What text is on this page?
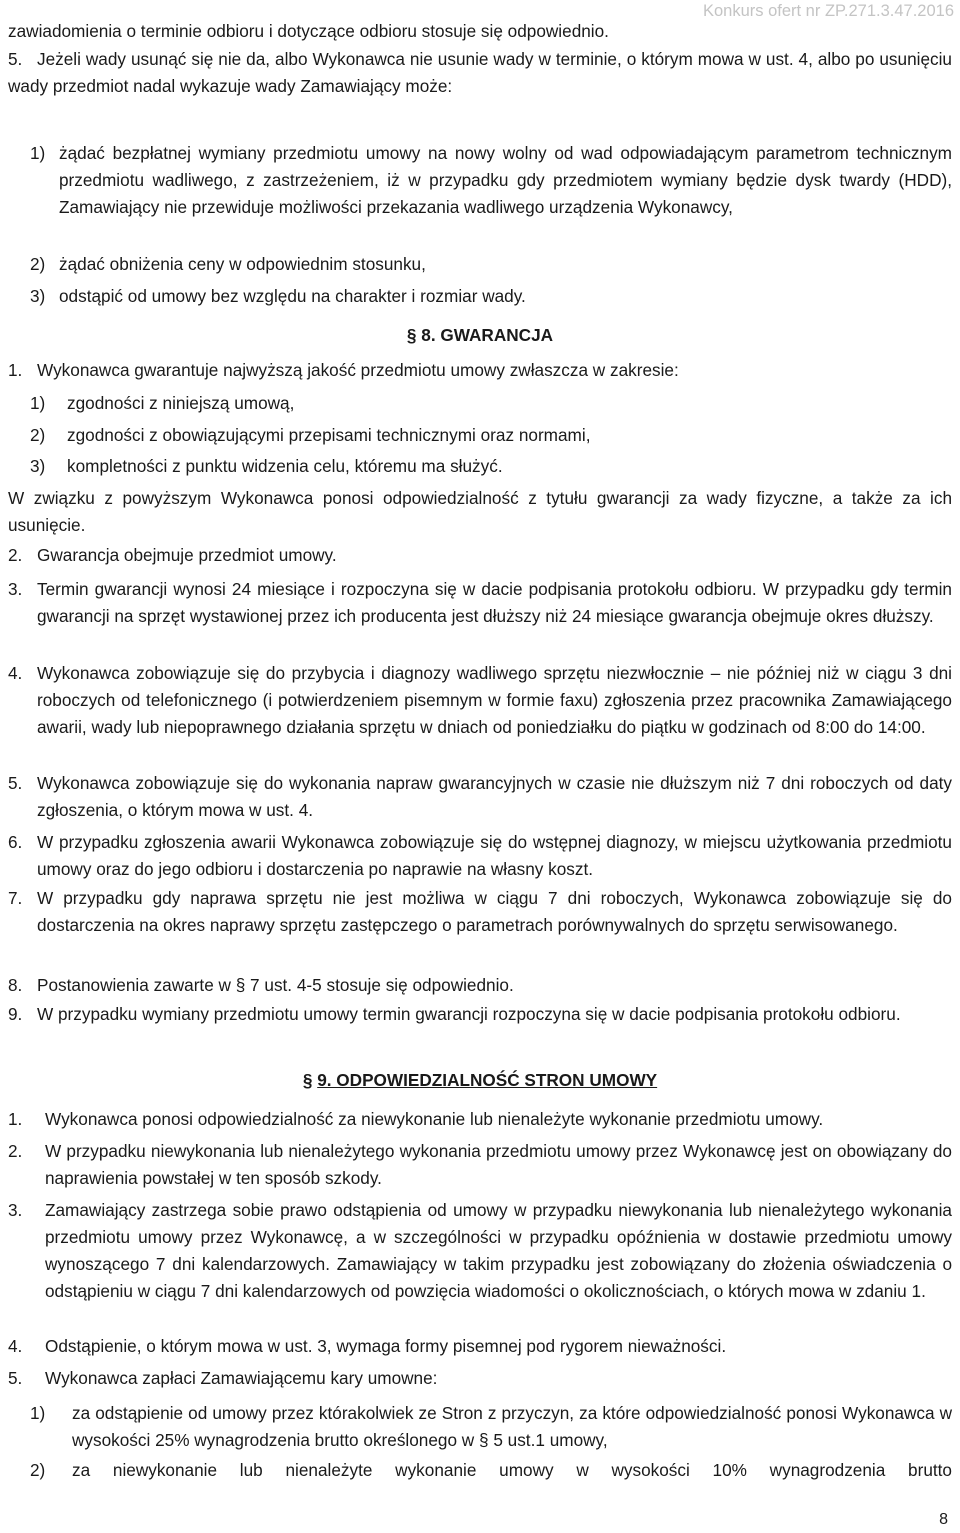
Konkurs ofert nr ZP.271.3.47.2016
zawiadomienia o terminie odbioru i dotyczące odbioru stosuje się odpowiednio.
5. Jeżeli wady usunąć się nie da, albo Wykonawca nie usunie wady w terminie, o którym mowa w ust. 4, albo po usunięciu wady przedmiot nadal wykazuje wady Zamawiający może:
1) żądać bezpłatnej wymiany przedmiotu umowy na nowy wolny od wad odpowiadającym parametrom technicznym przedmiotu wadliwego, z zastrzeżeniem, iż w przypadku gdy przedmiotem wymiany będzie dysk twardy (HDD), Zamawiający nie przewiduje możliwości przekazania wadliwego urządzenia Wykonawcy,
2) żądać obniżenia ceny w odpowiednim stosunku,
3) odstąpić od umowy bez względu na charakter i rozmiar wady.
§ 8. GWARANCJA
1. Wykonawca gwarantuje najwyższą jakość przedmiotu umowy zwłaszcza w zakresie:
1) zgodności z niniejszą umową,
2) zgodności z obowiązującymi przepisami technicznymi oraz normami,
3) kompletności z punktu widzenia celu, któremu ma służyć.
W związku z powyższym Wykonawca ponosi odpowiedzialność z tytułu gwarancji za wady fizyczne, a także za ich usunięcie.
2. Gwarancja obejmuje przedmiot umowy.
3. Termin gwarancji wynosi 24 miesiące i rozpoczyna się w dacie podpisania protokołu odbioru. W przypadku gdy termin gwarancji na sprzęt wystawionej przez ich producenta jest dłuższy niż 24 miesiące gwarancja obejmuje okres dłuższy.
4. Wykonawca zobowiązuje się do przybycia i diagnozy wadliwego sprzętu niezwłocznie – nie później niż w ciągu 3 dni roboczych od telefonicznego (i potwierdzeniem pisemnym w formie faxu) zgłoszenia przez pracownika Zamawiającego awarii, wady lub niepoprawnego działania sprzętu w dniach od poniedziałku do piątku w godzinach od 8:00 do 14:00.
5. Wykonawca zobowiązuje się do wykonania napraw gwarancyjnych w czasie nie dłuższym niż 7 dni roboczych od daty zgłoszenia, o którym mowa w ust. 4.
6. W przypadku zgłoszenia awarii Wykonawca zobowiązuje się do wstępnej diagnozy, w miejscu użytkowania przedmiotu umowy oraz do jego odbioru i dostarczenia po naprawie na własny koszt.
7. W przypadku gdy naprawa sprzętu nie jest możliwa w ciągu 7 dni roboczych, Wykonawca zobowiązuje się do dostarczenia na okres naprawy sprzętu zastępczego o parametrach porównywalnych do sprzętu serwisowanego.
8. Postanowienia zawarte w § 7 ust. 4-5 stosuje się odpowiednio.
9. W przypadku wymiany przedmiotu umowy termin gwarancji rozpoczyna się w dacie podpisania protokołu odbioru.
§ 9. ODPOWIEDZIALNOŚĆ STRON UMOWY
1. Wykonawca ponosi odpowiedzialność za niewykonanie lub nienależyte wykonanie przedmiotu umowy.
2. W przypadku niewykonania lub nienależytego wykonania przedmiotu umowy przez Wykonawcę jest on obowiązany do naprawienia powstałej w ten sposób szkody.
3. Zamawiający zastrzega sobie prawo odstąpienia od umowy w przypadku niewykonania lub nienależytego wykonania przedmiotu umowy przez Wykonawcę, a w szczególności w przypadku opóźnienia w dostawie przedmiotu umowy wynoszącego 7 dni kalendarzowych. Zamawiający w takim przypadku jest zobowiązany do złożenia oświadczenia o odstąpieniu w ciągu 7 dni kalendarzowych od powzięcia wiadomości o okolicznościach, o których mowa w zdaniu 1.
4. Odstąpienie, o którym mowa w ust. 3, wymaga formy pisemnej pod rygorem nieważności.
5. Wykonawca zapłaci Zamawiającemu kary umowne:
1) za odstąpienie od umowy przez którakolwiek ze Stron z przyczyn, za które odpowiedzialność ponosi Wykonawca w wysokości 25% wynagrodzenia brutto określonego w § 5 ust.1 umowy,
2) za niewykonanie lub nienależyte wykonanie umowy w wysokości 10% wynagrodzenia brutto
8
